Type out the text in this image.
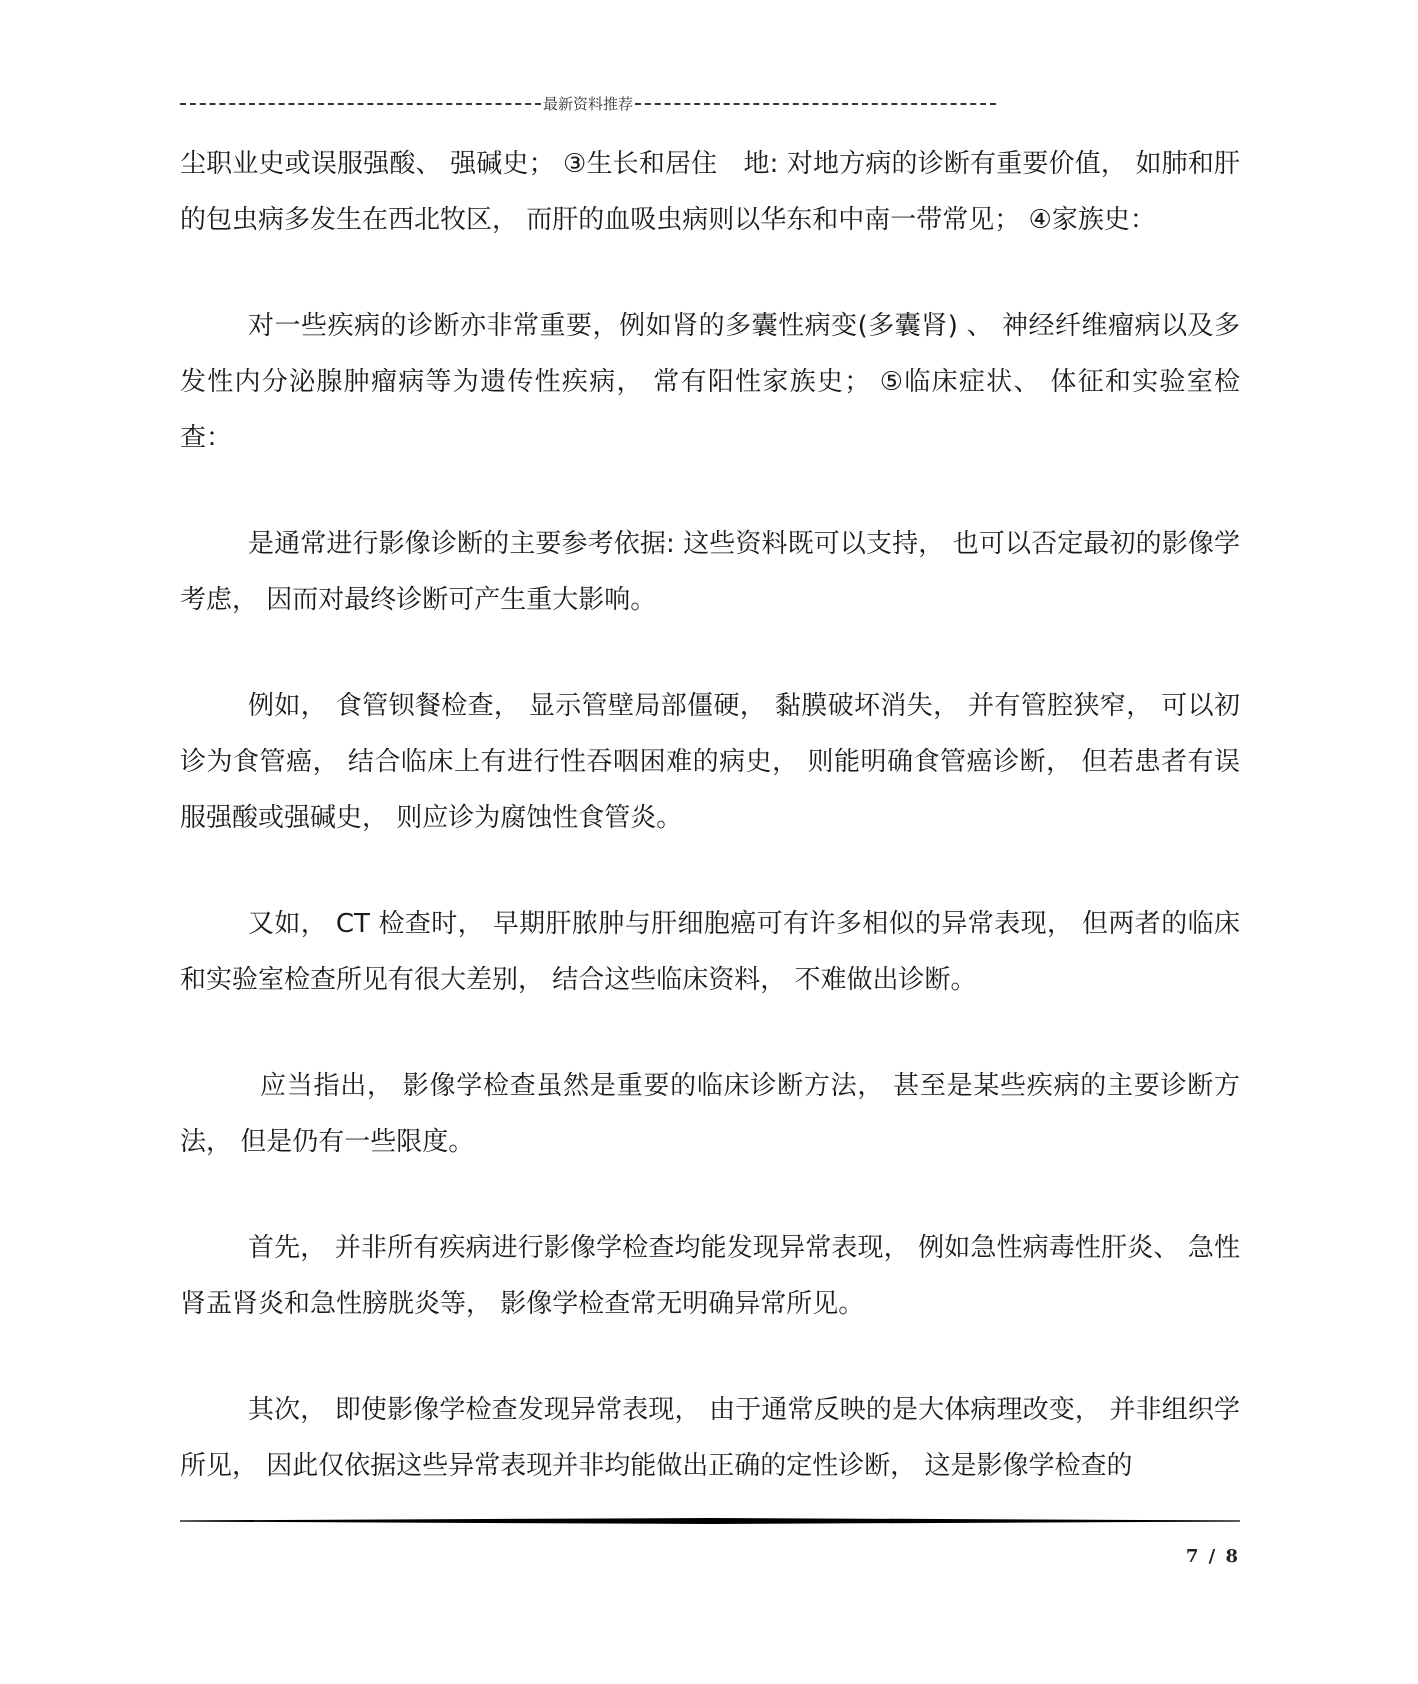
最新资料推荐

尘职业史或误服强酸、 强碱史； ③生长和居住　地: 对地方病的诊断有重要价值， 如肺和肝的包虫病多发生在西北牧区， 而肝的血吸虫病则以华东和中南一带常见； ④家族史：

对一些疾病的诊断亦非常重要，例如肾的多囊性病变(多囊肾) 、 神经纤维瘤病以及多发性内分泌腺肿瘤病等为遗传性疾病， 常有阳性家族史； ⑤临床症状、 体征和实验室检查：

是通常进行影像诊断的主要参考依据: 这些资料既可以支持， 也可以否定最初的影像学考虑， 因而对最终诊断可产生重大影响。

例如， 食管钡餐检查， 显示管壁局部僵硬， 黏膜破坏消失， 并有管腔狭窄， 可以初诊为食管癌， 结合临床上有进行性吞咽困难的病史， 则能明确食管癌诊断， 但若患者有误服强酸或强碱史， 则应诊为腐蚀性食管炎。

又如， CT 检查时， 早期肝脓肿与肝细胞癌可有许多相似的异常表现， 但两者的临床和实验室检查所见有很大差别， 结合这些临床资料， 不难做出诊断。

应当指出， 影像学检查虽然是重要的临床诊断方法， 甚至是某些疾病的主要诊断方法， 但是仍有一些限度。

首先， 并非所有疾病进行影像学检查均能发现异常表现， 例如急性病毒性肝炎、 急性肾盂肾炎和急性膀胱炎等， 影像学检查常无明确异常所见。

其次， 即使影像学检查发现异常表现， 由于通常反映的是大体病理改变， 并非组织学所见， 因此仅依据这些异常表现并非均能做出正确的定性诊断， 这是影像学检查的

7 / 8
